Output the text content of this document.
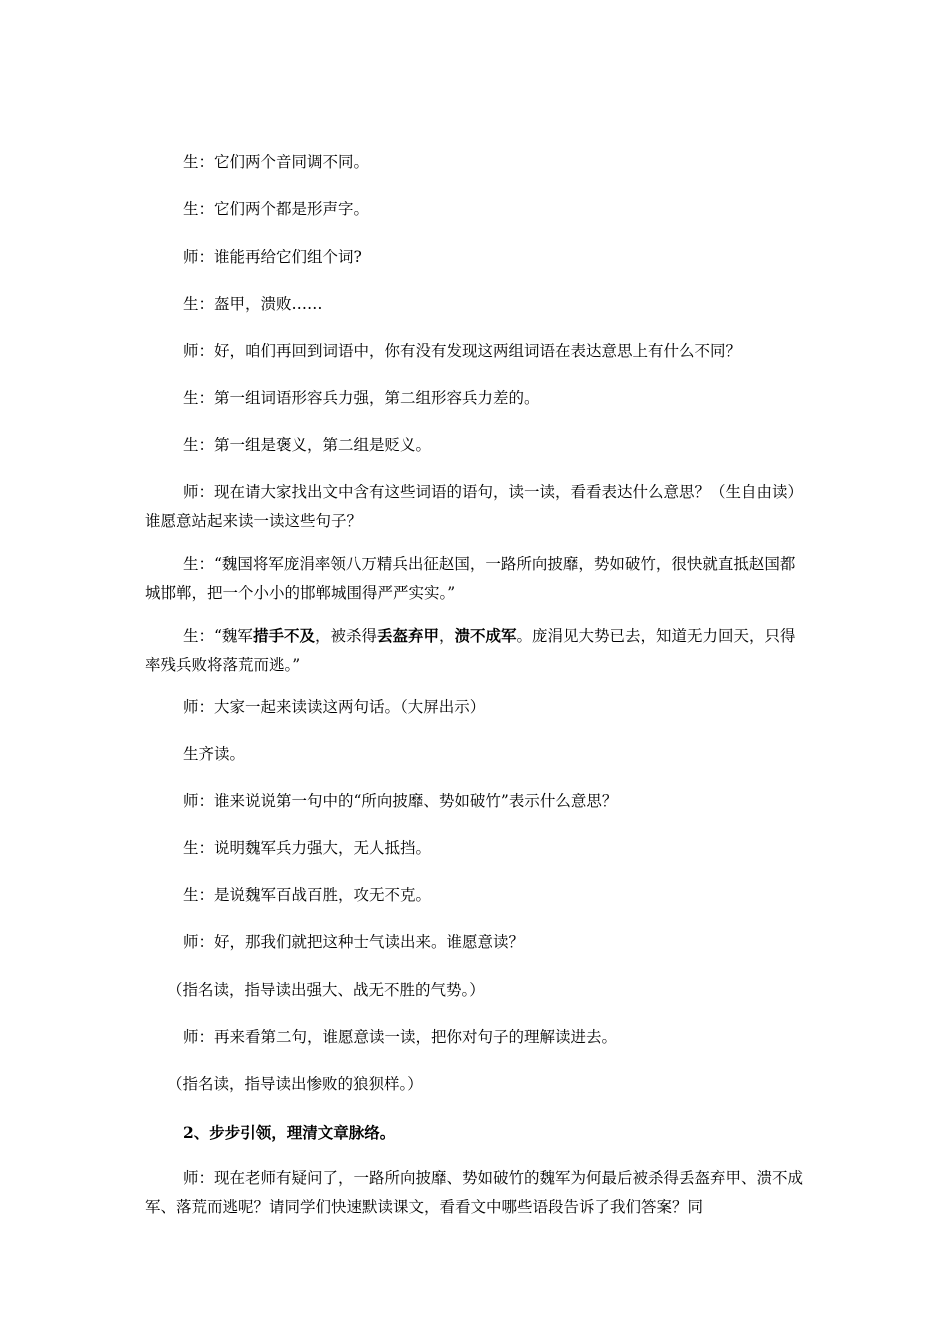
生：它们两个音同调不同。

生：它们两个都是形声字。

师：谁能再给它们组个词?

生：盔甲，溃败……

师：好，咱们再回到词语中，你有没有发现这两组词语在表达意思上有什么不同？

生：第一组词语形容兵力强，第二组形容兵力差的。

生：第一组是褒义，第二组是贬义。

师：现在请大家找出文中含有这些词语的语句，读一读，看看表达什么意思？（生自由读）谁愿意站起来读一读这些句子？

生：“魏国将军庞涓率领八万精兵出征赵国，一路所向披靡，势如破竹，很快就直抵赵国都城邯郸，把一个小小的邯郸城围得严严实实。”

生：“魏军措手不及，被杀得丢盔弃甲，溃不成军。庞涓见大势已去，知道无力回天，只得率残兵败将落荒而逃。”

师：大家一起来读读这两句话。（大屏出示）

生齐读。

师：谁来说说第一句中的“所向披靡、势如破竹”表示什么意思？

生：说明魏军兵力强大，无人抵挡。

生：是说魏军百战百胜，攻无不克。

师：好，那我们就把这种士气读出来。谁愿意读？

（指名读，指导读出强大、战无不胜的气势。）

师：再来看第二句，谁愿意读一读，把你对句子的理解读进去。

（指名读，指导读出惨败的狼狈样。）

2、步步引领，理清文章脉络。

师：现在老师有疑问了，一路所向披靡、势如破竹的魏军为何最后被杀得丢盔弃甲、溃不成军、落荒而逃呢？请同学们快速默读课文，看看文中哪些语段告诉了我们答案？同
